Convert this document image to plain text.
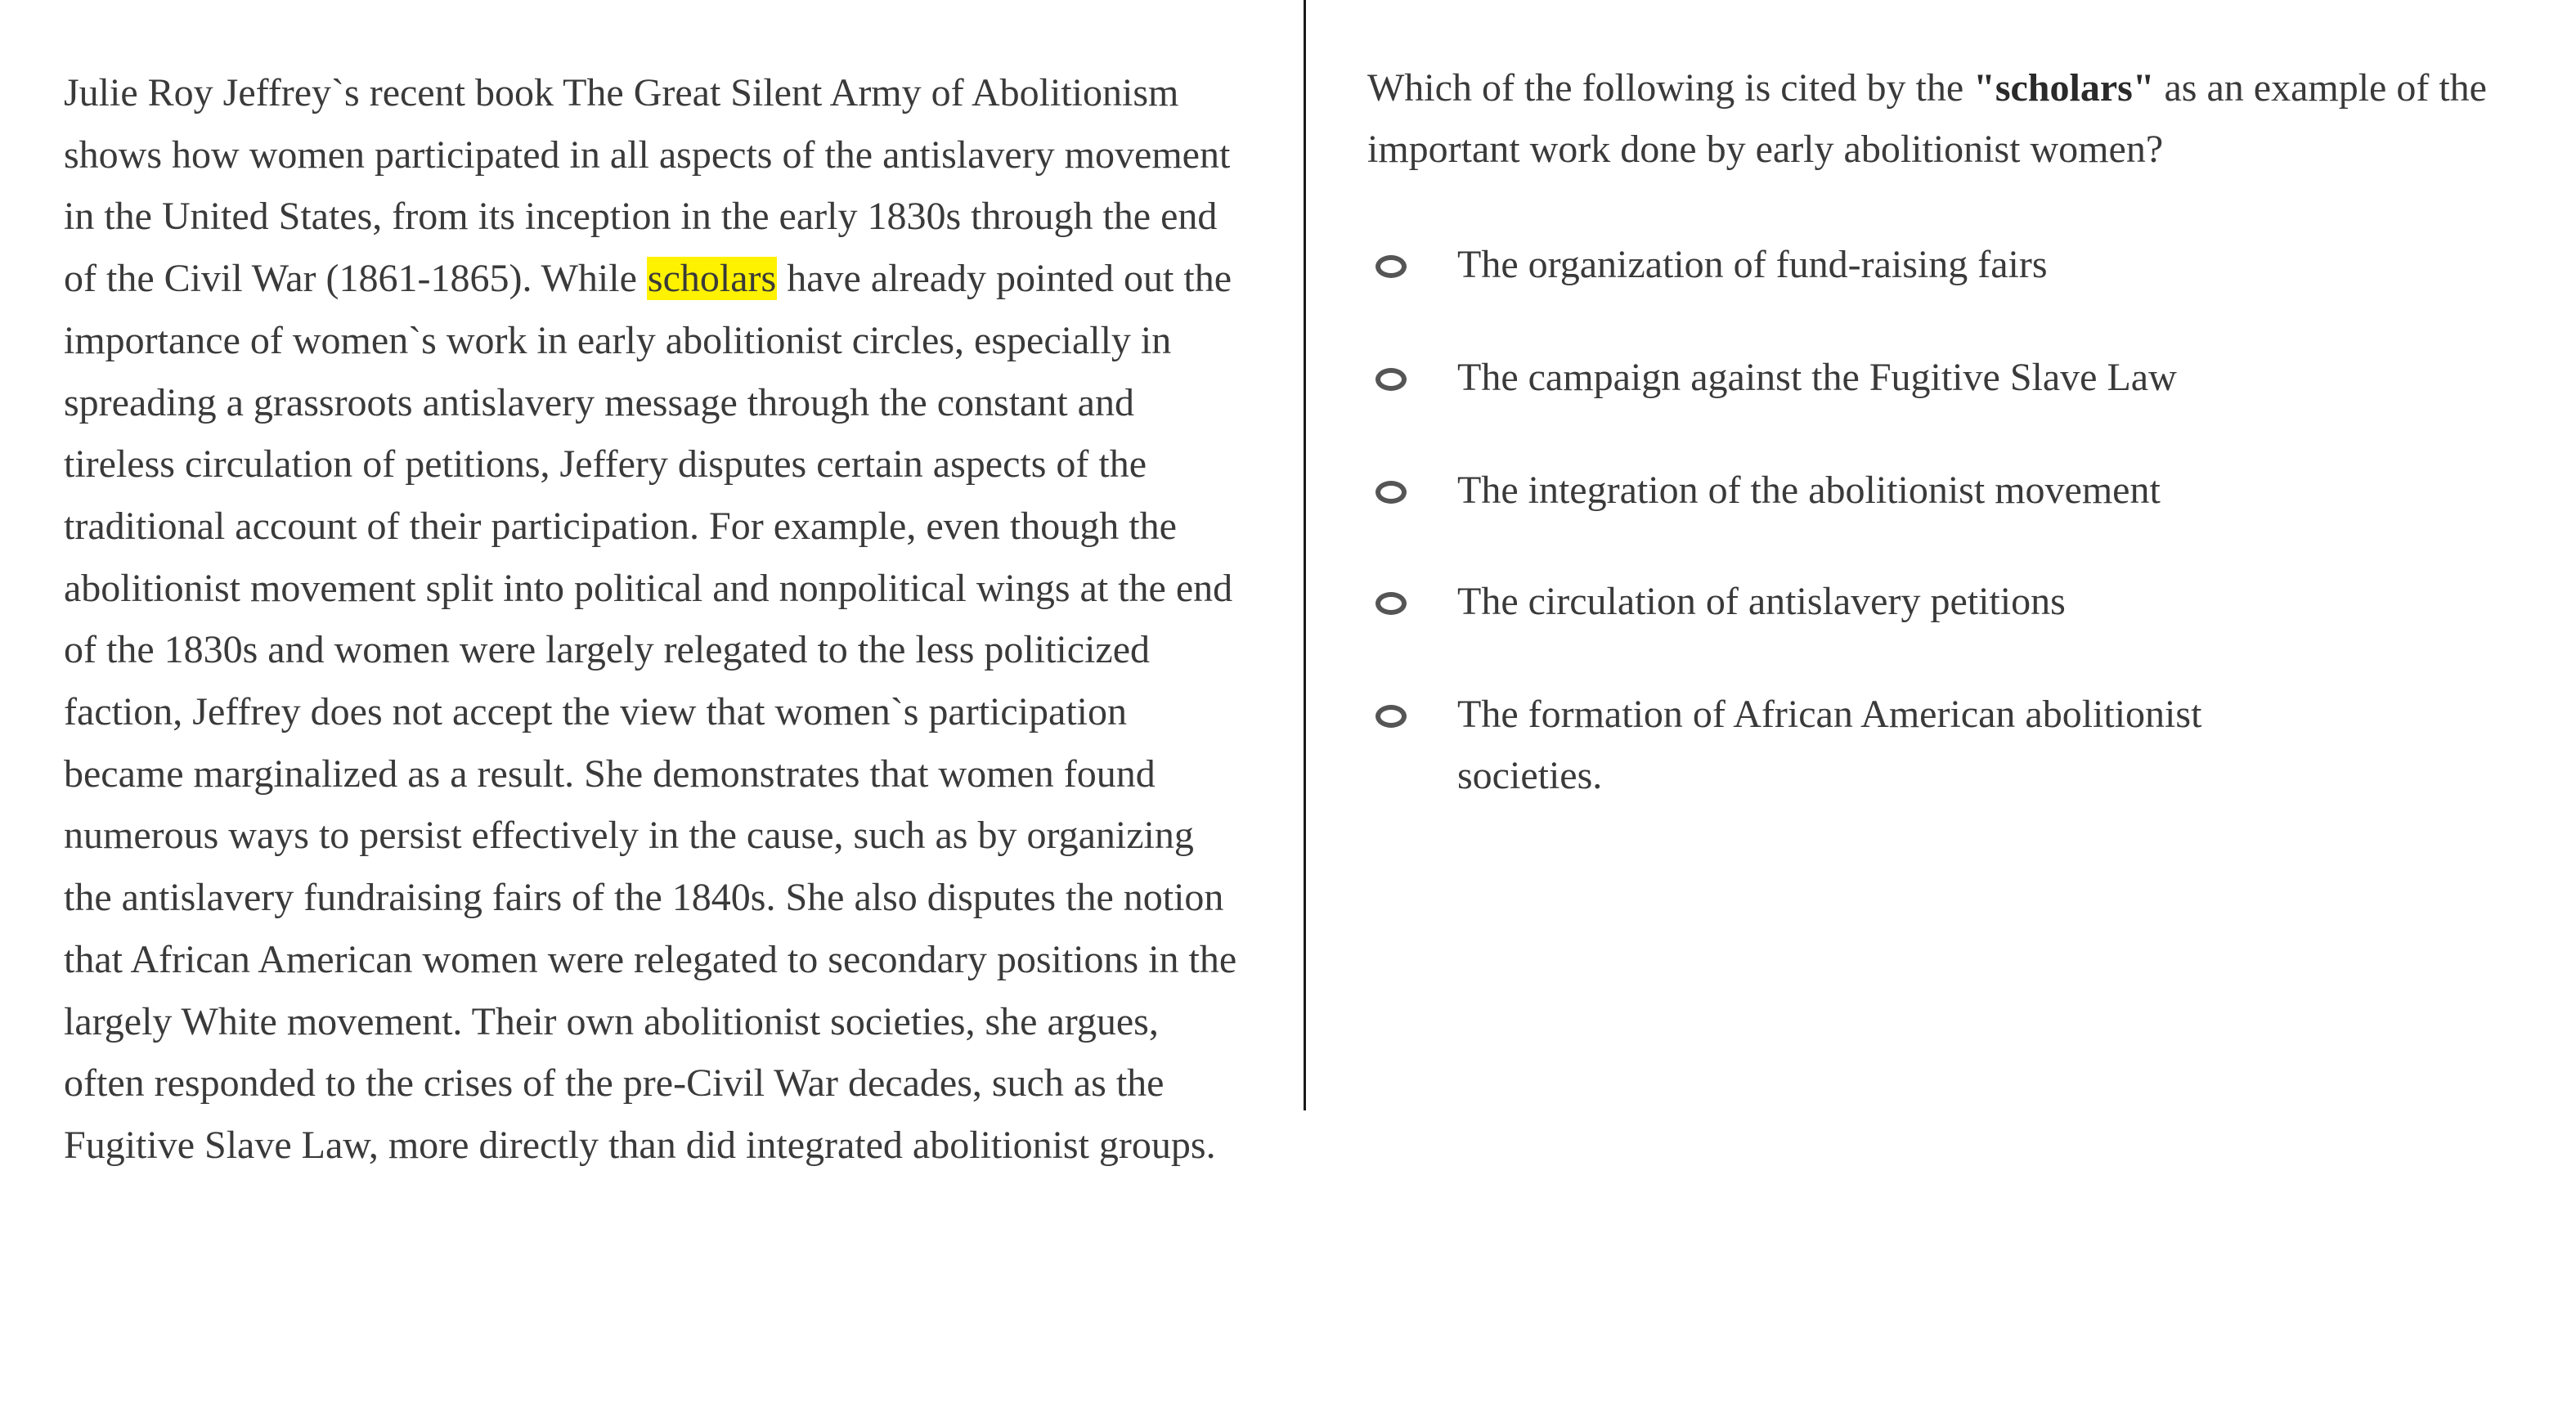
Julie Roy Jeffrey`s recent book The Great Silent Army of Abolitionism shows how women participated in all aspects of the antislavery movement in the United States, from its inception in the early 1830s through the end of the Civil War (1861-1865). While scholars have already pointed out the importance of women`s work in early abolitionist circles, especially in spreading a grassroots antislavery message through the constant and tireless circulation of petitions, Jeffery disputes certain aspects of the traditional account of their participation. For example, even though the abolitionist movement split into political and nonpolitical wings at the end of the 1830s and women were largely relegated to the less politicized faction, Jeffrey does not accept the view that women`s participation became marginalized as a result. She demonstrates that women found numerous ways to persist effectively in the cause, such as by organizing the antislavery fundraising fairs of the 1840s. She also disputes the notion that African American women were relegated to secondary positions in the largely White movement. Their own abolitionist societies, she argues, often responded to the crises of the pre-Civil War decades, such as the Fugitive Slave Law, more directly than did integrated abolitionist groups.

Which of the following is cited by the "scholars" as an example of the important work done by early abolitionist women?

The organization of fund-raising fairs
The campaign against the Fugitive Slave Law
The integration of the abolitionist movement
The circulation of antislavery petitions
The formation of African American abolitionist societies.
